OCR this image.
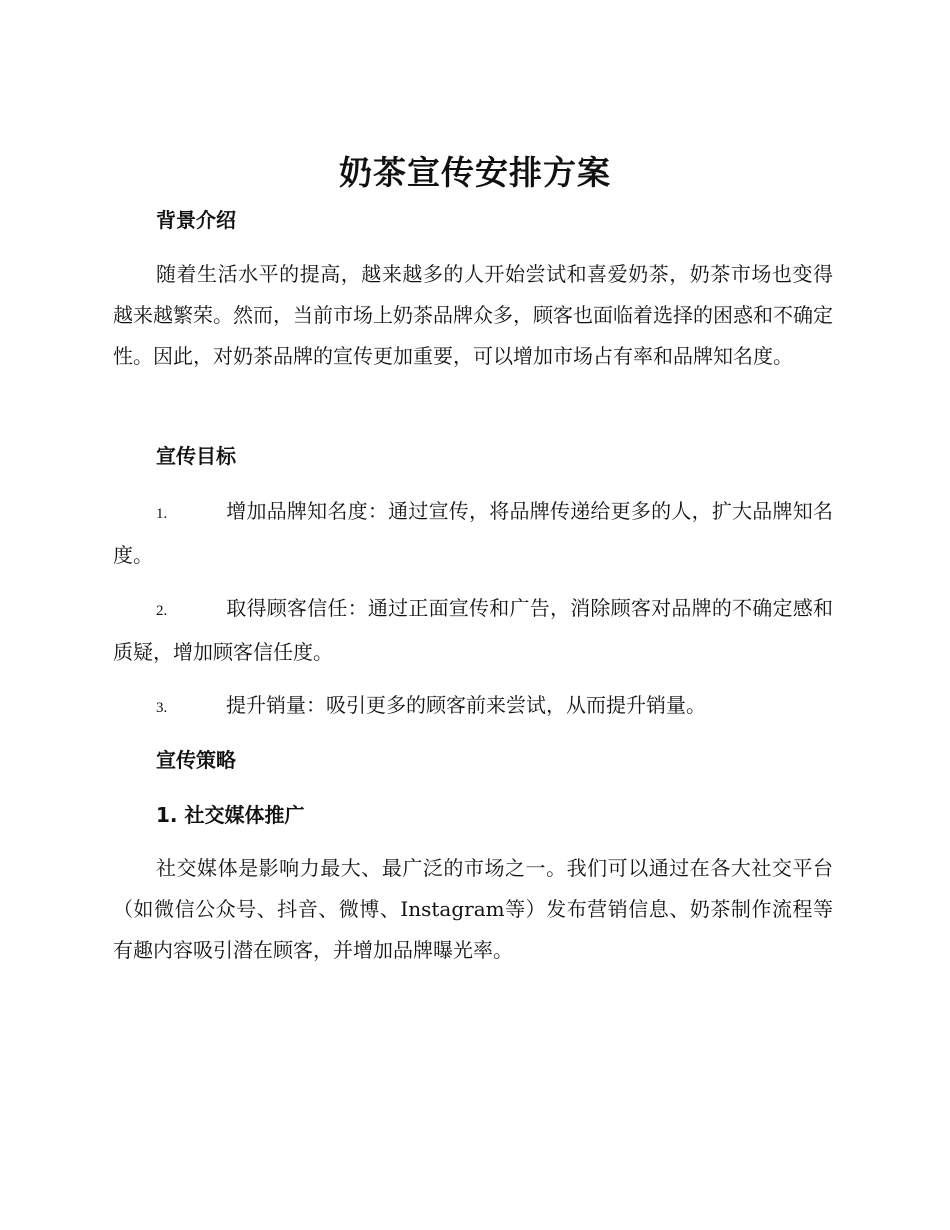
奶茶宣传安排方案
背景介绍

随着生活水平的提高，越来越多的人开始尝试和喜爱奶茶，奶茶市场也变得越来越繁荣。然而，当前市场上奶茶品牌众多，顾客也面临着选择的困惑和不确定性。因此，对奶茶品牌的宣传更加重要，可以增加市场占有率和品牌知名度。

宣传目标

1.	增加品牌知名度：通过宣传，将品牌传递给更多的人，扩大品牌知名度。

2.	取得顾客信任：通过正面宣传和广告，消除顾客对品牌的不确定感和质疑，增加顾客信任度。

3.	提升销量：吸引更多的顾客前来尝试，从而提升销量。

宣传策略
1. 社交媒体推广

社交媒体是影响力最大、最广泛的市场之一。我们可以通过在各大社交平台（如微信公众号、抖音、微博、Instagram等）发布营销信息、奶茶制作流程等有趣内容吸引潜在顾客，并增加品牌曝光率。
